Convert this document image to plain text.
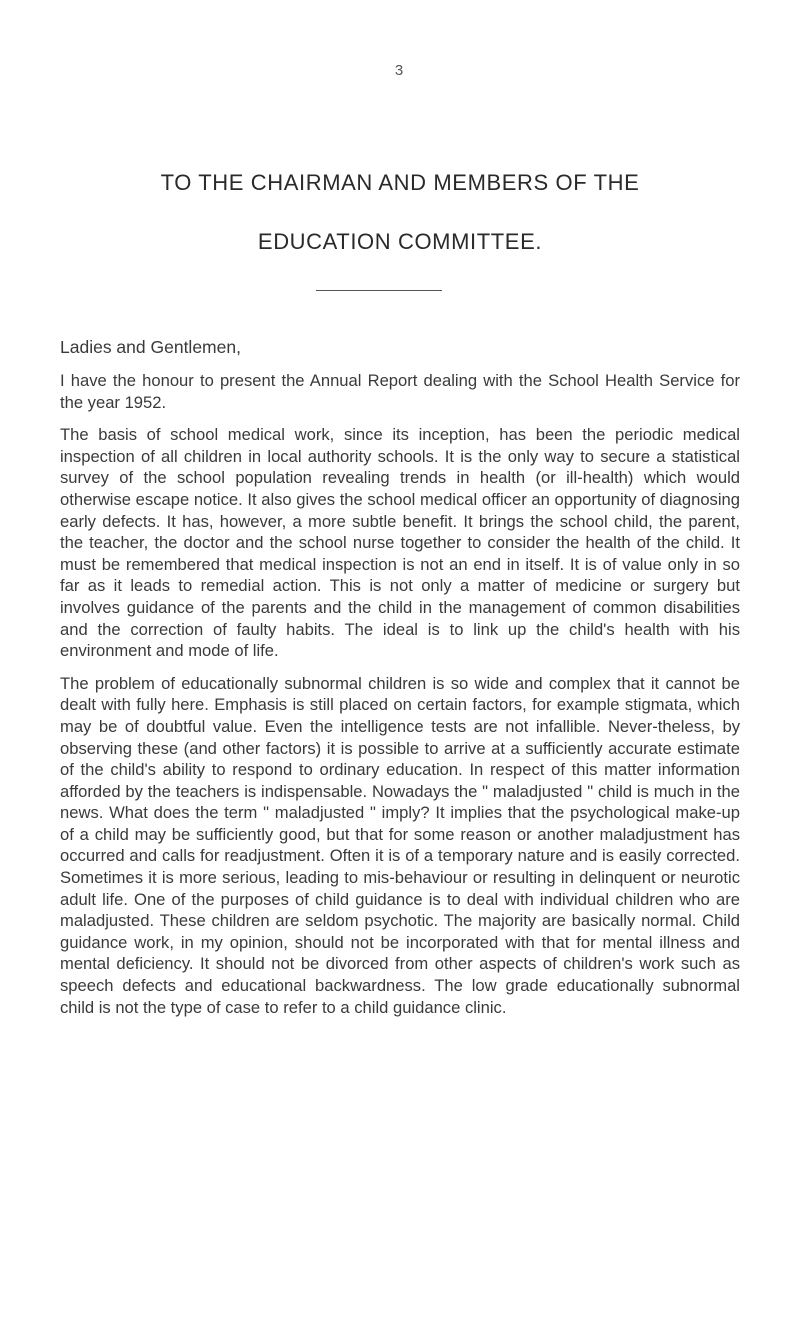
3
TO THE CHAIRMAN AND MEMBERS OF THE
EDUCATION COMMITTEE.
Ladies and Gentlemen,

I have the honour to present the Annual Report dealing with the School Health Service for the year 1952.

The basis of school medical work, since its inception, has been the periodic medical inspection of all children in local authority schools. It is the only way to secure a statistical survey of the school population revealing trends in health (or ill-health) which would otherwise escape notice. It also gives the school medical officer an opportunity of diagnosing early defects. It has, however, a more subtle benefit. It brings the school child, the parent, the teacher, the doctor and the school nurse together to consider the health of the child. It must be remembered that medical inspection is not an end in itself. It is of value only in so far as it leads to remedial action. This is not only a matter of medicine or surgery but involves guidance of the parents and the child in the management of common disabilities and the correction of faulty habits. The ideal is to link up the child's health with his environment and mode of life.

The problem of educationally subnormal children is so wide and complex that it cannot be dealt with fully here. Emphasis is still placed on certain factors, for example stigmata, which may be of doubtful value. Even the intelligence tests are not infallible. Never-theless, by observing these (and other factors) it is possible to arrive at a sufficiently accurate estimate of the child's ability to respond to ordinary education. In respect of this matter information afforded by the teachers is indispensable. Nowadays the " maladjusted " child is much in the news. What does the term " maladjusted " imply? It implies that the psychological make-up of a child may be sufficiently good, but that for some reason or another maladjustment has occurred and calls for readjustment. Often it is of a temporary nature and is easily corrected. Sometimes it is more serious, leading to mis-behaviour or resulting in delinquent or neurotic adult life. One of the purposes of child guidance is to deal with individual children who are maladjusted. These children are seldom psychotic. The majority are basically normal. Child guidance work, in my opinion, should not be incorporated with that for mental illness and mental deficiency. It should not be divorced from other aspects of children's work such as speech defects and educational backwardness. The low grade educationally subnormal child is not the type of case to refer to a child guidance clinic.
